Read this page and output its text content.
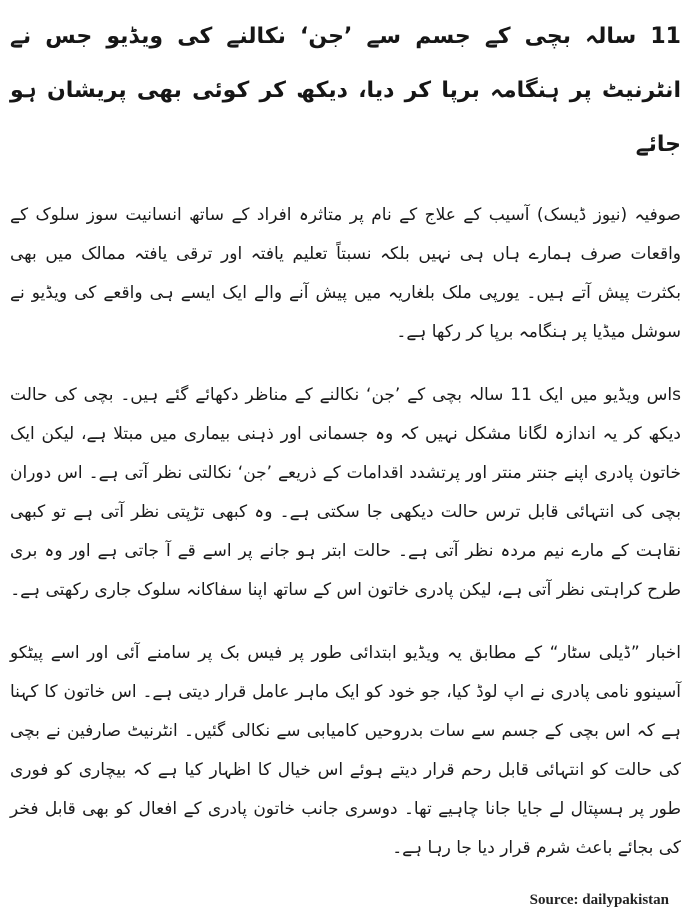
11 سالہ بچی کے جسم سے ’جن‘ نکالنے کی ویڈیو جس نے انٹرنیٹ پر ہنگامہ برپا کر دیا، دیکھ کر کوئی بھی پریشان ہو جائے

صوفیہ (نیوز ڈیسک) آسیب کے علاج کے نام پر متاثرہ افراد کے ساتھ انسانیت سوز سلوک کے واقعات صرف ہمارے ہاں ہی نہیں بلکہ نسبتاً تعلیم یافتہ اور ترقی یافتہ ممالک میں بھی بکثرت پیش آتے ہیں۔ یورپی ملک بلغاریہ میں پیش آنے والے ایک ایسے ہی واقعے کی ویڈیو نے سوشل میڈیا پر ہنگامہ برپا کر رکھا ہے۔

sاس ویڈیو میں ایک 11 سالہ بچی کے ’جن‘ نکالنے کے مناظر دکھائے گئے ہیں۔ بچی کی حالت دیکھ کر یہ اندازہ لگانا مشکل نہیں کہ وہ جسمانی اور ذہنی بیماری میں مبتلا ہے، لیکن ایک خاتون پادری اپنے جنتر منتر اور پرتشدد اقدامات کے ذریعے ’جن‘ نکالتی نظر آتی ہے۔ اس دوران بچی کی انتہائی قابل ترس حالت دیکھی جا سکتی ہے۔ وہ کبھی تڑپتی نظر آتی ہے تو کبھی نقاہت کے مارے نیم مردہ نظر آتی ہے۔ حالت ابتر ہو جانے پر اسے قے آ جاتی ہے اور وہ بری طرح کراہتی نظر آتی ہے، لیکن پادری خاتون اس کے ساتھ اپنا سفاکانہ سلوک جاری رکھتی ہے۔

اخبار ”ڈیلی سٹار“ کے مطابق یہ ویڈیو ابتدائی طور پر فیس بک پر سامنے آئی اور اسے پیٹکو آسینوو نامی پادری نے اپ لوڈ کیا، جو خود کو ایک ماہر عامل قرار دیتی ہے۔ اس خاتون کا کہنا ہے کہ اس بچی کے جسم سے سات بدروحیں کامیابی سے نکالی گئیں۔ انٹرنیٹ صارفین نے بچی کی حالت کو انتہائی قابل رحم قرار دیتے ہوئے اس خیال کا اظہار کیا ہے کہ بیچاری کو فوری طور پر ہسپتال لے جایا جانا چاہیے تھا۔ دوسری جانب خاتون پادری کے افعال کو بھی قابل فخر کی بجائے باعث شرم قرار دیا جا رہا ہے۔

Source: dailypakistan
